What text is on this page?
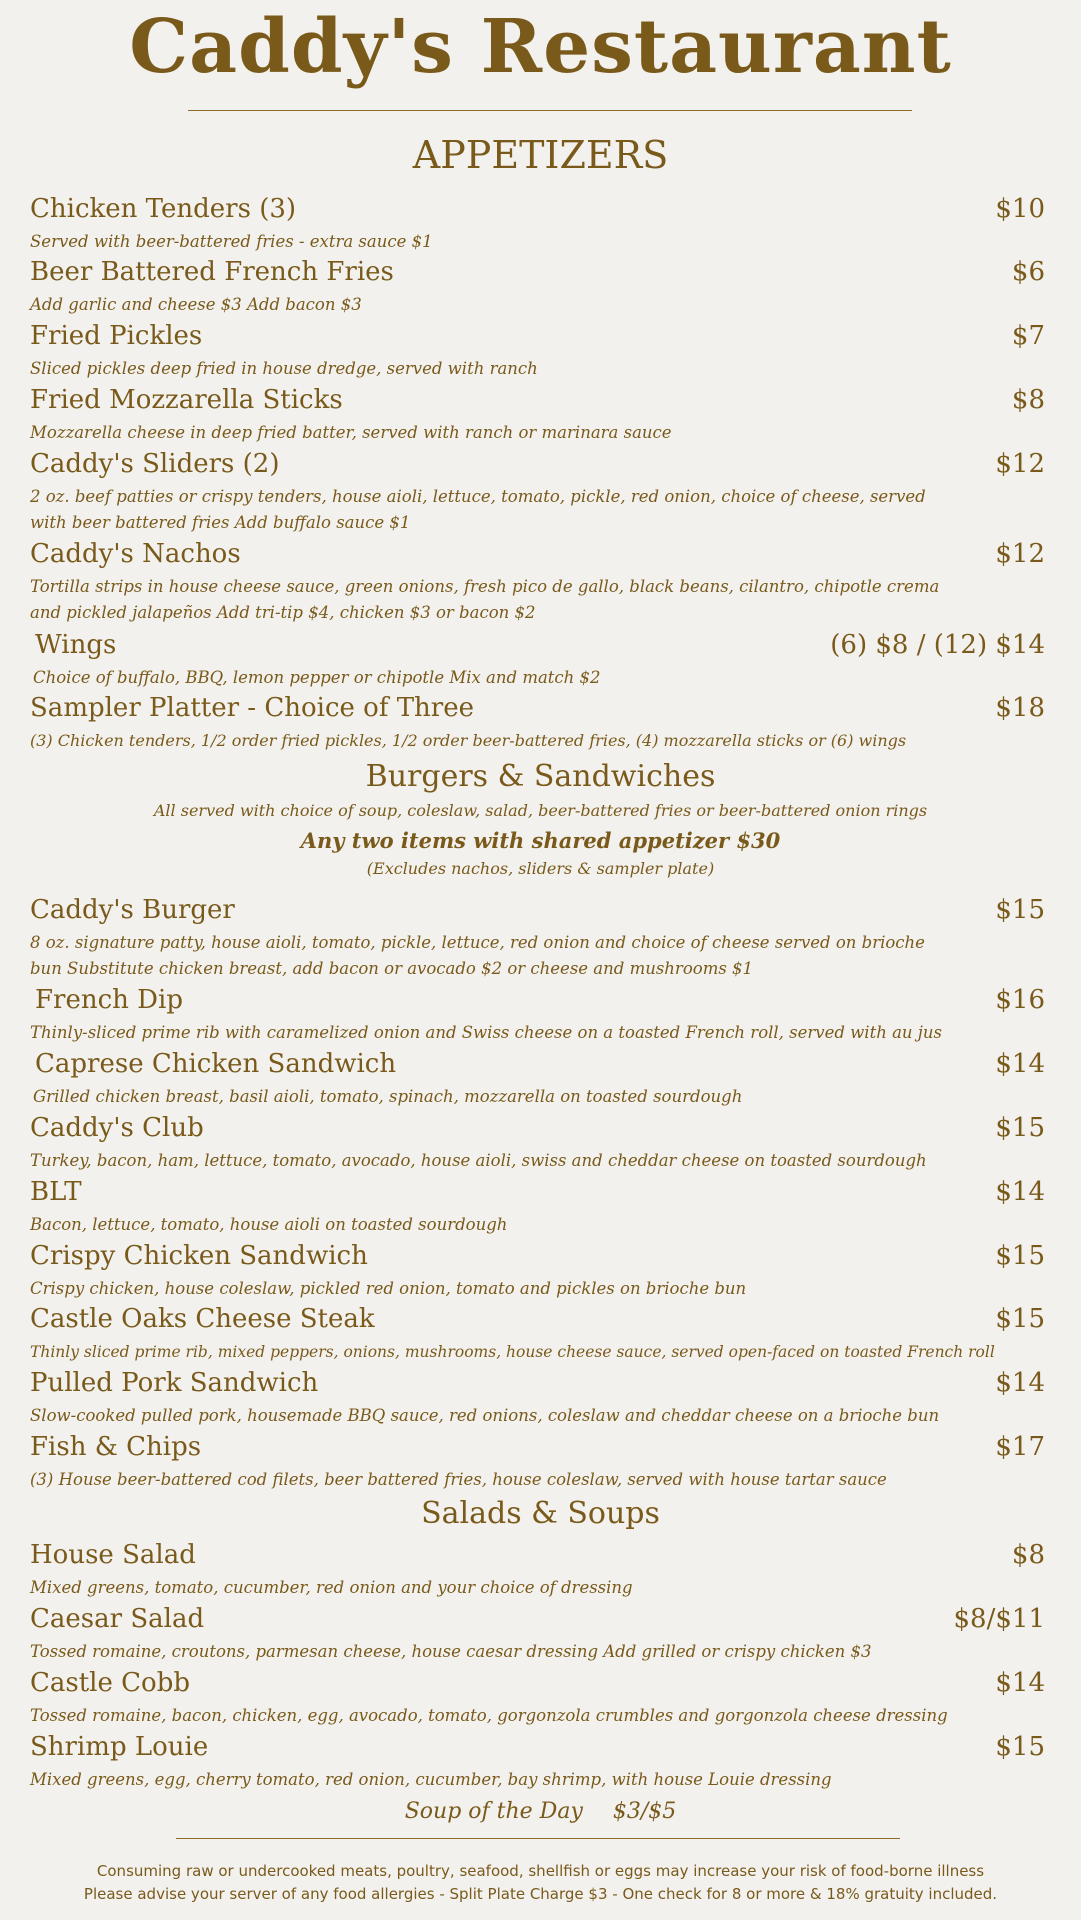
Caddy's Restaurant
APPETIZERS
Chicken Tenders (3)	$10
Served with beer-battered fries - extra sauce $1
Beer Battered French Fries	$6
Add garlic and cheese $3 Add bacon $3
Fried Pickles	$7
Sliced pickles deep fried in house dredge, served with ranch
Fried Mozzarella Sticks	$8
Mozzarella cheese in deep fried batter, served with ranch or marinara sauce
Caddy's Sliders (2)	$12
2 oz. beef patties or crispy tenders, house aioli, lettuce, tomato, pickle, red onion, choice of cheese, served with beer battered fries Add buffalo sauce $1
Caddy's Nachos	$12
Tortilla strips in house cheese sauce, green onions, fresh pico de gallo, black beans, cilantro, chipotle crema and pickled jalapeños Add tri-tip $4, chicken $3 or bacon $2
Wings	(6) $8 / (12) $14
Choice of buffalo, BBQ, lemon pepper or chipotle Mix and match $2
Sampler Platter - Choice of Three	$18
(3) Chicken tenders, 1/2 order fried pickles, 1/2 order beer-battered fries, (4) mozzarella sticks or (6) wings
Burgers & Sandwiches
All served with choice of soup, coleslaw, salad, beer-battered fries or beer-battered onion rings
Any two items with shared appetizer $30
(Excludes nachos, sliders & sampler plate)
Caddy's Burger	$15
8 oz. signature patty, house aioli, tomato, pickle, lettuce, red onion and choice of cheese served on brioche bun Substitute chicken breast, add bacon or avocado $2 or cheese and mushrooms $1
French Dip	$16
Thinly-sliced prime rib with caramelized onion and Swiss cheese on a toasted French roll, served with au jus
Caprese Chicken Sandwich	$14
Grilled chicken breast, basil aioli, tomato, spinach, mozzarella on toasted sourdough
Caddy's Club	$15
Turkey, bacon, ham, lettuce, tomato, avocado, house aioli, swiss and cheddar cheese on toasted sourdough
BLT	$14
Bacon, lettuce, tomato, house aioli on toasted sourdough
Crispy Chicken Sandwich	$15
Crispy chicken, house coleslaw, pickled red onion, tomato and pickles on brioche bun
Castle Oaks Cheese Steak	$15
Thinly sliced prime rib, mixed peppers, onions, mushrooms, house cheese sauce, served open-faced on toasted French roll
Pulled Pork Sandwich	$14
Slow-cooked pulled pork, housemade BBQ sauce, red onions, coleslaw and cheddar cheese on a brioche bun
Fish & Chips	$17
(3) House beer-battered cod filets, beer battered fries, house coleslaw, served with house tartar sauce
Salads & Soups
House Salad	$8
Mixed greens, tomato, cucumber, red onion and your choice of dressing
Caesar Salad	$8/$11
Tossed romaine, croutons, parmesan cheese, house caesar dressing Add grilled or crispy chicken $3
Castle Cobb	$14
Tossed romaine, bacon, chicken, egg, avocado, tomato, gorgonzola crumbles and gorgonzola cheese dressing
Shrimp Louie	$15
Mixed greens, egg, cherry tomato, red onion, cucumber, bay shrimp, with house Louie dressing
Soup of the Day $3/$5
Consuming raw or undercooked meats, poultry, seafood, shellfish or eggs may increase your risk of food-borne illness
Please advise your server of any food allergies - Split Plate Charge $3 - One check for 8 or more & 18% gratuity included.
